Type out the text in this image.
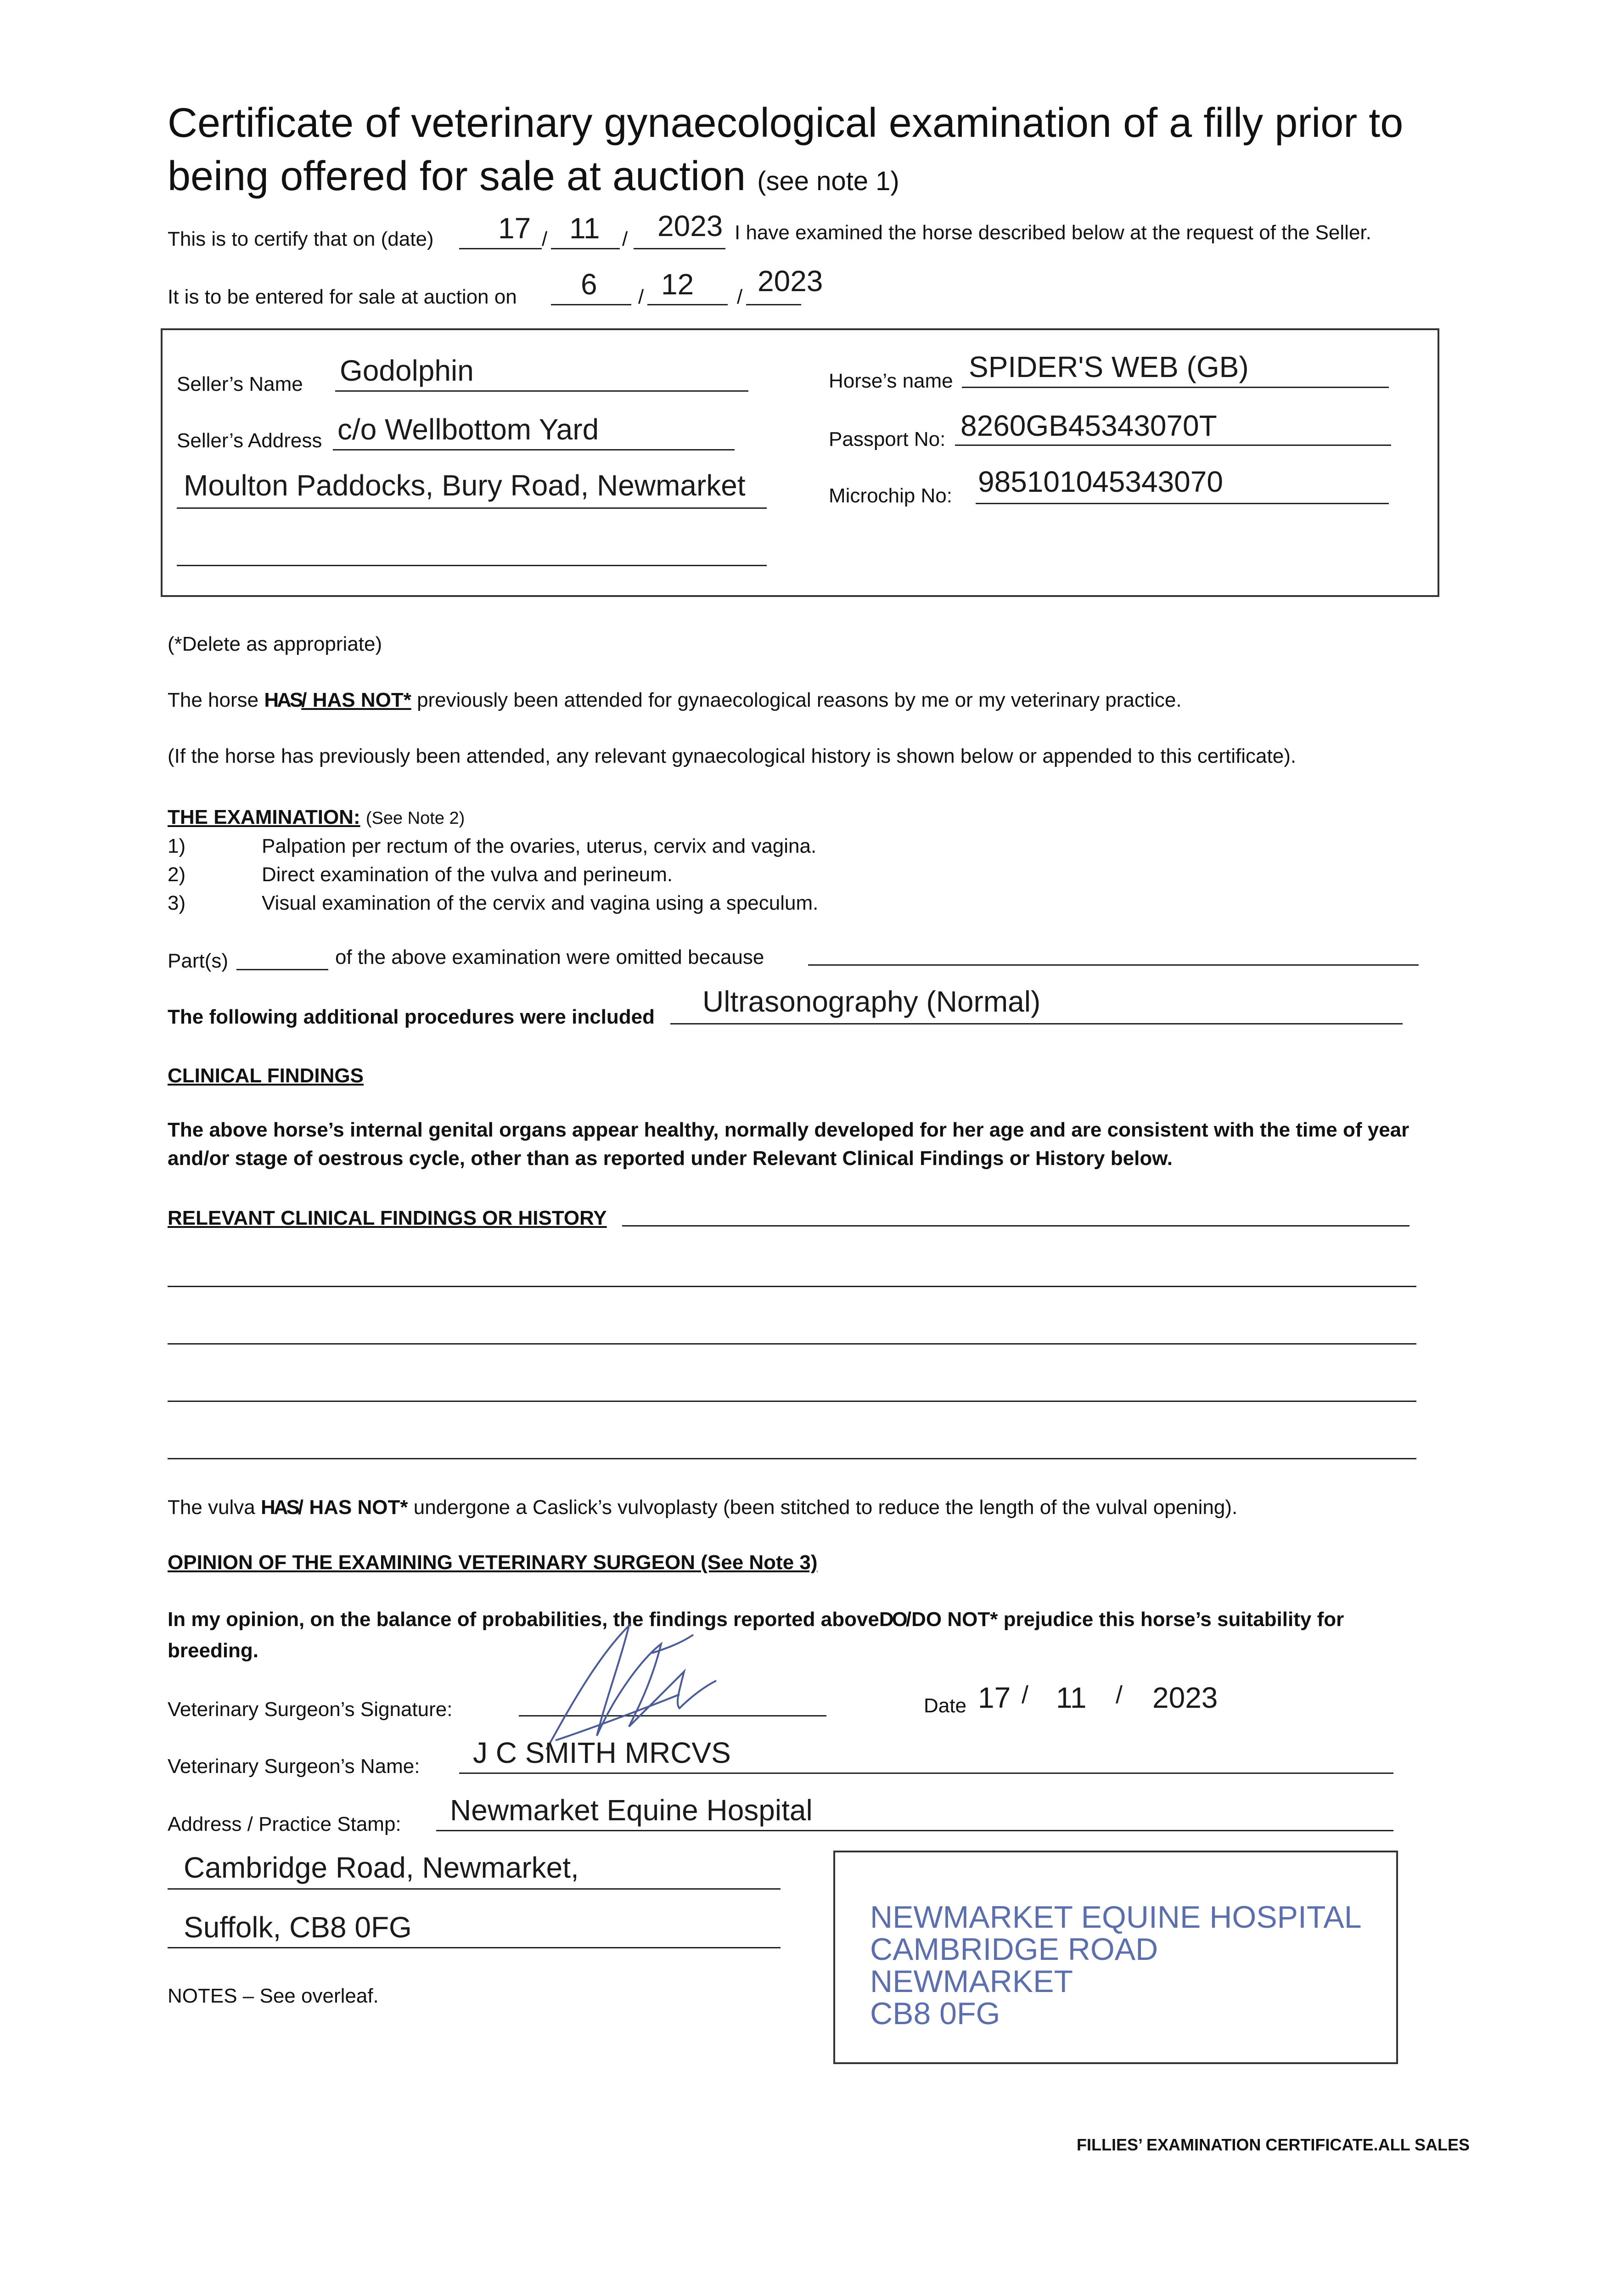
Certificate of veterinary gynaecological examination of a filly prior to
being offered for sale at auction (see note 1)
This is to certify that on (date) 17 / 11 / 2023 I have examined the horse described below at the request of the Seller.
It is to be entered for sale at auction on 6 / 12 / 2023
Seller’s Name Godolphin
Seller’s Address c/o Wellbottom Yard
Moulton Paddocks, Bury Road, Newmarket
Horse’s name SPIDER'S WEB (GB)
Passport No: 8260GB45343070T
Microchip No: 985101045343070
(*Delete as appropriate)
The horse HAS/ HAS NOT* previously been attended for gynaecological reasons by me or my veterinary practice.
(If the horse has previously been attended, any relevant gynaecological history is shown below or appended to this certificate).
THE EXAMINATION: (See Note 2)
1)	Palpation per rectum of the ovaries, uterus, cervix and vagina.
2)	Direct examination of the vulva and perineum.
3)	Visual examination of the cervix and vagina using a speculum.
Part(s)	of the above examination were omitted because
The following additional procedures were included Ultrasonography (Normal)
CLINICAL FINDINGS
The above horse’s internal genital organs appear healthy, normally developed for her age and are consistent with the time of year
and/or stage of oestrous cycle, other than as reported under Relevant Clinical Findings or History below.
RELEVANT CLINICAL FINDINGS OR HISTORY
The vulva HAS/ HAS NOT* undergone a Caslick’s vulvoplasty (been stitched to reduce the length of the vulval opening).
OPINION OF THE EXAMINING VETERINARY SURGEON (See Note 3)
In my opinion, on the balance of probabilities, the findings reported aboveDO/DO NOT* prejudice this horse’s suitability for
breeding.
Veterinary Surgeon’s Signature:	Date 17 / 11 / 2023
Veterinary Surgeon’s Name: J C SMITH MRCVS
Address / Practice Stamp: Newmarket Equine Hospital
Cambridge Road, Newmarket,
Suffolk, CB8 0FG	NEWMARKET EQUINE HOSPITAL
CAMBRIDGE ROAD
NEWMARKET
CB8 0FG
NOTES – See overleaf.
FILLIES’ EXAMINATION CERTIFICATE.ALL SALES
